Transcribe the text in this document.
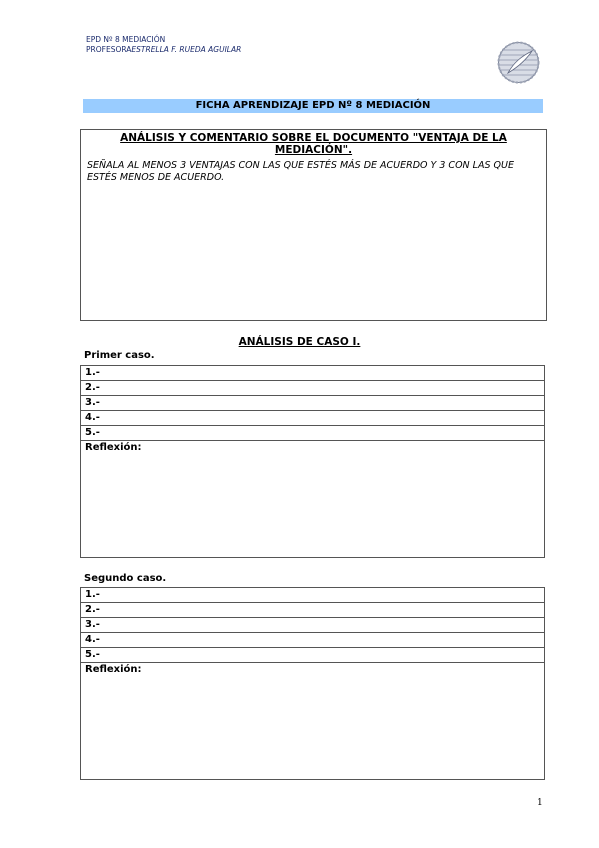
EPD Nº 8 MEDIACIÓN
PROFESORAESTRELLA F. RUEDA AGUILAR
FICHA APRENDIZAJE EPD Nº 8 MEDIACIÓN
ANÁLISIS Y COMENTARIO SOBRE EL DOCUMENTO "VENTAJA DE LA MEDIACIÓN".
SEÑALA AL MENOS 3 VENTAJAS CON LAS QUE ESTÉS MÁS DE ACUERDO Y 3 CON LAS QUE ESTÉS MENOS DE ACUERDO.
ANÁLISIS DE CASO I.
Primer caso.
1.-
2.-
3.-
4.-
5.-
Reflexión:
Segundo caso.
1.-
2.-
3.-
4.-
5.-
Reflexión:
1
